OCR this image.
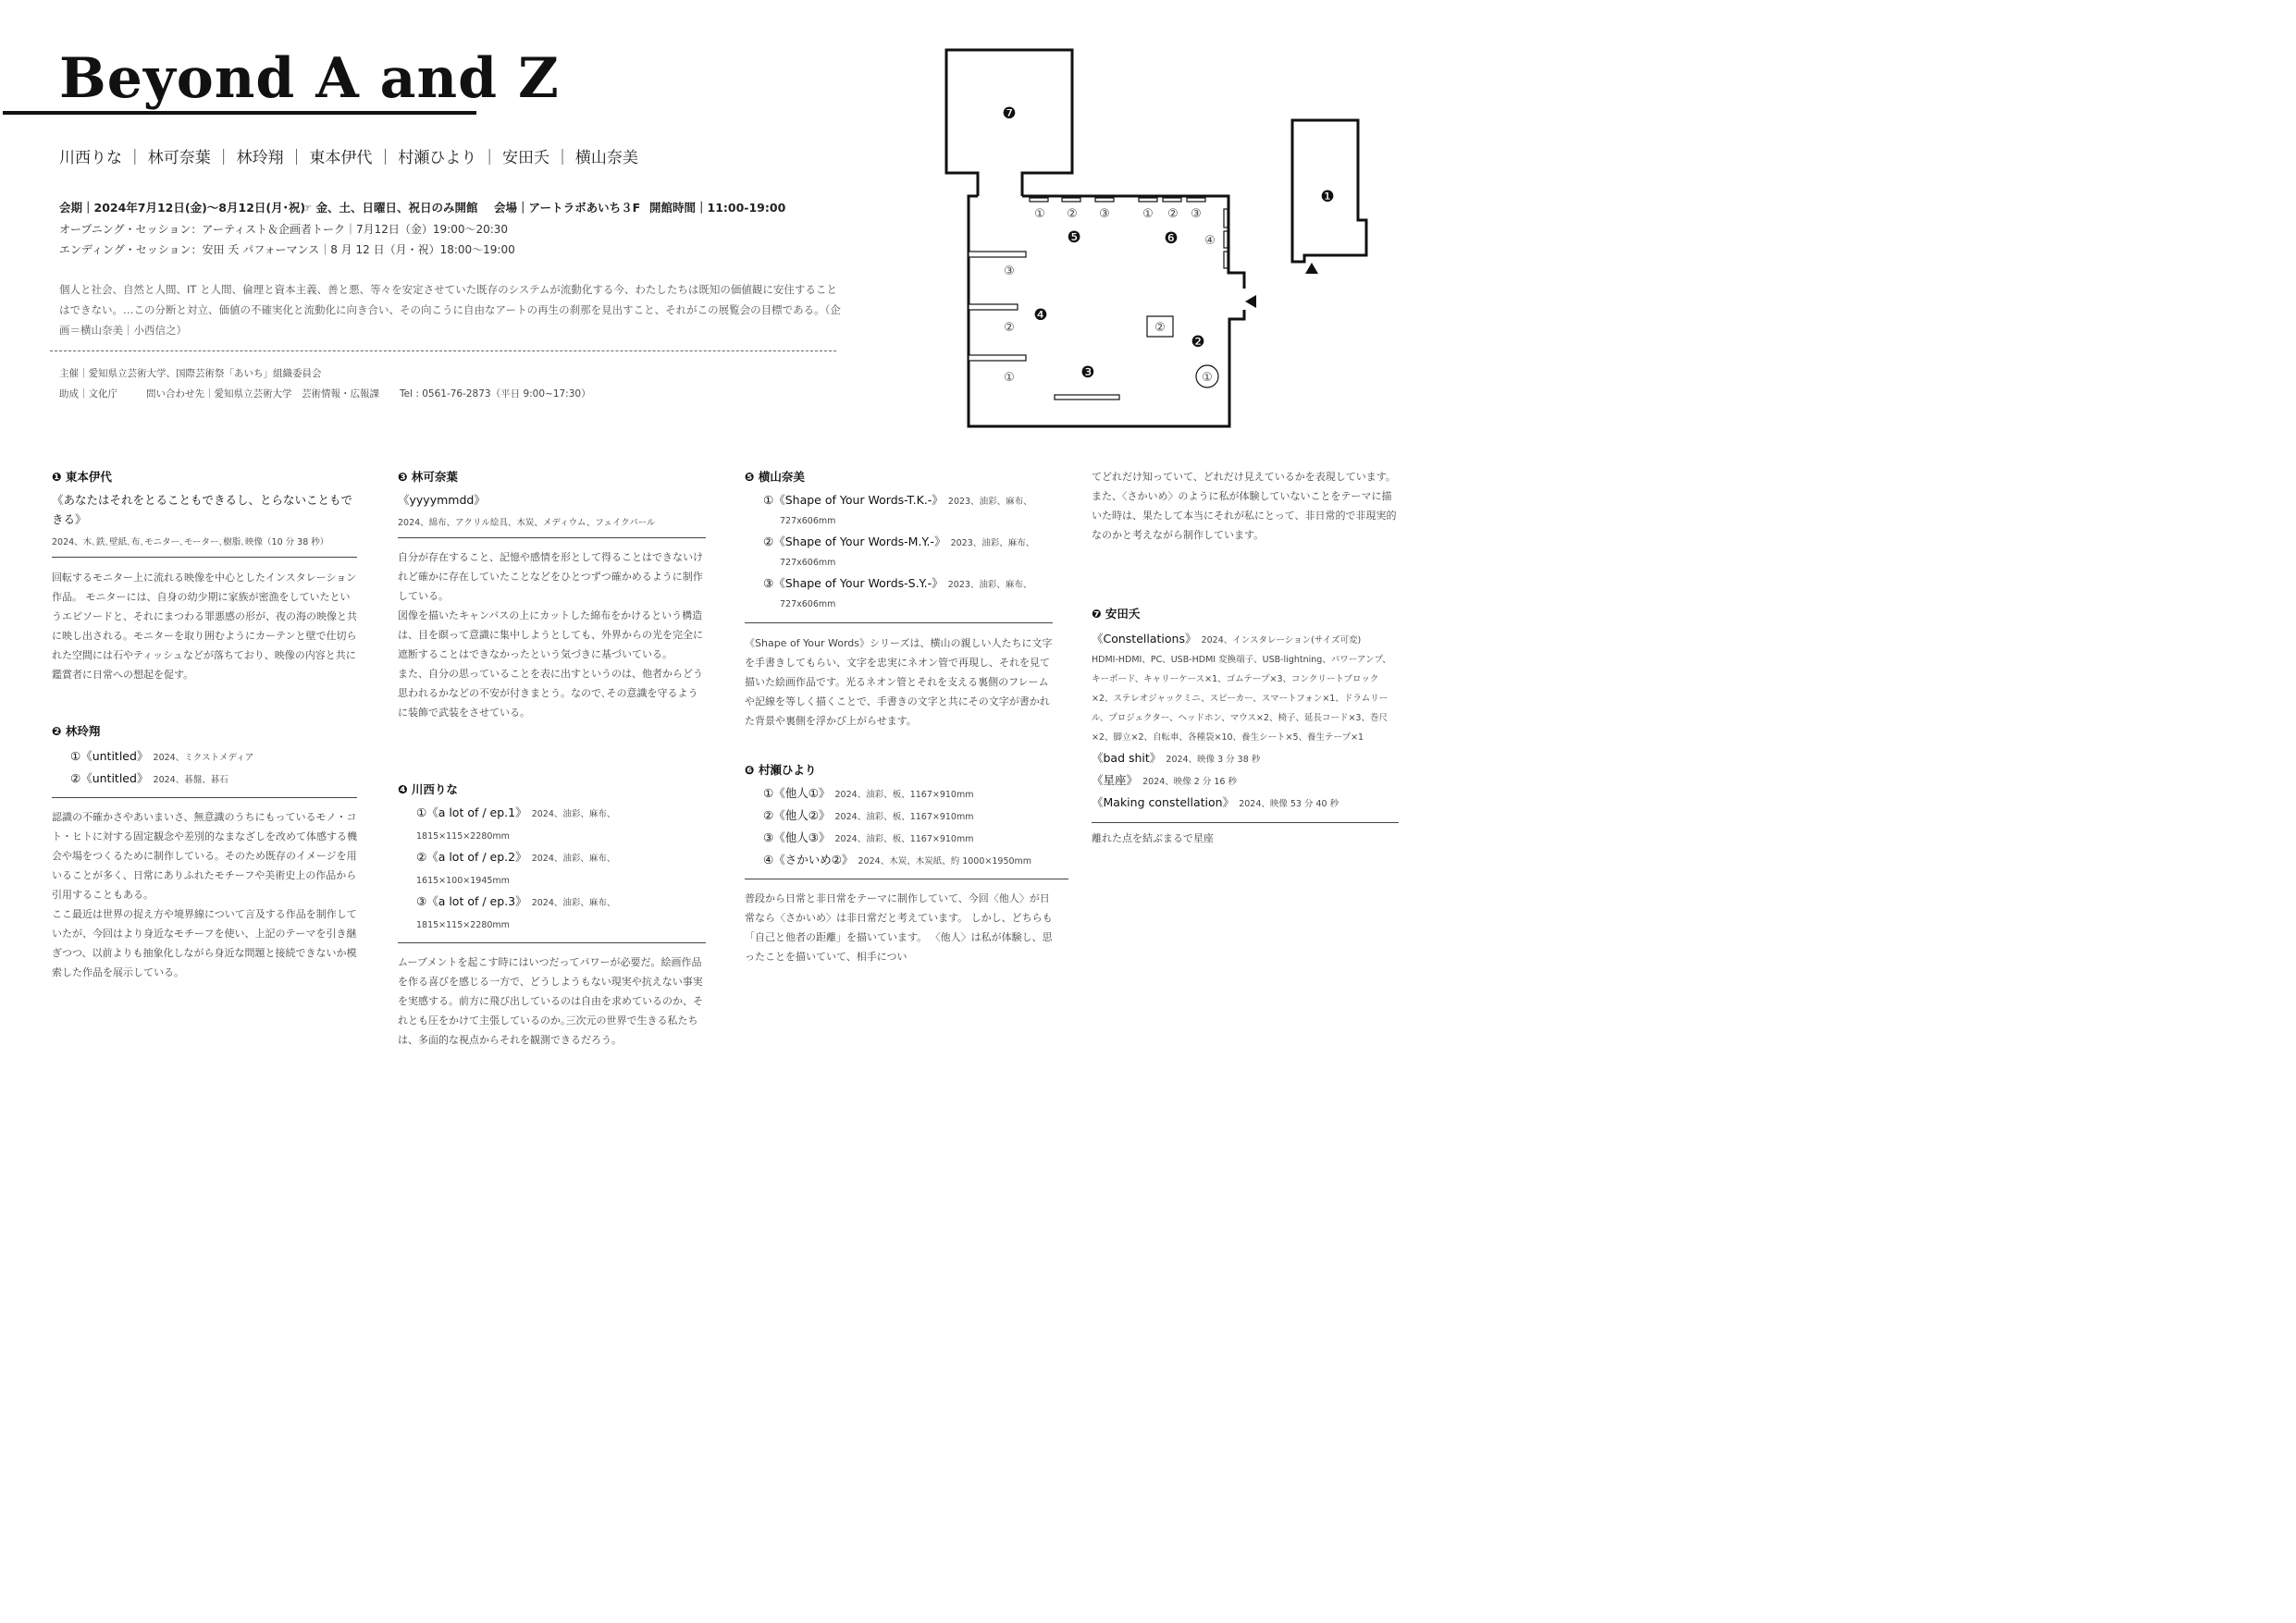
Beyond A and Z
川西りな ｜ 林可奈葉 ｜ 林玲翔 ｜ 東本伊代 ｜ 村瀬ひより ｜ 安田夭 ｜ 横山奈美
会期｜2024年7月12日(金)〜8月12日(月･祝)
☞ 金、土、日曜日、祝日のみ開館 会場｜アートラボあいち３F 開館時間｜11:00-19:00
オープニング・セッション：アーティスト＆企画者トーク｜7月12日（金）19:00〜20:30
エンディング・セッション：安田 夭 パフォーマンス｜8 月 12 日（月・祝）18:00〜19:00
個人と社会、自然と人間、IT と人間、倫理と資本主義、善と悪、等々を安定させていた既存のシステムが流動化する今、わたしたちは既知の価値観に安住することはできない。…この分断と対立、価値の不確実化と流動化に向き合い、その向こうに自由なアートの再生の刹那を見出すこと、それがこの展覧会の目標である。（企画＝横山奈美｜小西信之）
主催｜愛知県立芸術大学、国際芸術祭「あいち」組織委員会
助成｜文化庁	問い合わせ先｜愛知県立芸術大学　芸術情報・広報課 Tel : 0561-76-2873（平日 9:00~17:30）
❼
❶
❺	❻
❹
❷
❸
① ② ③	① ② ③
④
③
②
①
②
①
❶ 東本伊代
《あなたはそれをとることもできるし、とらないこともできる》
2024、木､鉄､壁紙､布､モニター､モーター､樹脂､映像（10 分 38 秒）
回転するモニター上に流れる映像を中心としたインスタレーション作品。 モニターには、自身の幼少期に家族が密漁をしていたというエピソードと、それにまつわる罪悪感の形が、夜の海の映像と共に映し出される。モニターを取り囲むようにカーテンと壁で仕切られた空間には石やティッシュなどが落ちており、映像の内容と共に鑑賞者に日常への想起を促す。
❷ 林玲翔
①《untitled》 2024、ミクストメディア
②《untitled》 2024、碁盤、碁石
認識の不確かさやあいまいさ、無意識のうちにもっているモノ・コト・ヒトに対する固定観念や差別的なまなざしを改めて体感する機会や場をつくるために制作している。そのため既存のイメージを用いることが多く、日常にありふれたモチーフや美術史上の作品から引用することもある。
ここ最近は世界の捉え方や境界線について言及する作品を制作していたが、今回はより身近なモチーフを使い、上記のテーマを引き継ぎつつ、以前よりも抽象化しながら身近な問題と接続できないか模索した作品を展示している。
❸ 林可奈葉
《yyyymmdd》
2024、綿布、アクリル絵具、木炭、メディウム、フェイクパール
自分が存在すること、記憶や感情を形として得ることはできないけれど確かに存在していたことなどをひとつずつ確かめるように制作している。
図像を描いたキャンバスの上にカットした綿布をかけるという構造は、目を瞑って意識に集中しようとしても、外界からの光を完全に遮断することはできなかったという気づきに基づいている。
また、自分の思っていることを表に出すというのは、他者からどう思われるかなどの不安が付きまとう。なので､その意識を守るように装飾で武装をさせている。
❹ 川西りな
①《a lot of / ep.1》 2024、油彩、麻布、1815×115×2280mm
②《a lot of / ep.2》 2024、油彩、麻布、1615×100×1945mm
③《a lot of / ep.3》 2024、油彩、麻布、1815×115×2280mm
ムーブメントを起こす時にはいつだってパワーが必要だ。絵画作品を作る喜びを感じる一方で、どうしようもない現実や抗えない事実を実感する。前方に飛び出しているのは自由を求めているのか、それとも圧をかけて主張しているのか｡三次元の世界で生きる私たちは、多面的な視点からそれを観測できるだろう。
❺ 横山奈美
①《Shape of Your Words-T.K.-》 2023、油彩、麻布、
727x606mm
②《Shape of Your Words-M.Y.-》 2023、油彩、麻布、
727x606mm
③《Shape of Your Words-S.Y.-》 2023、油彩、麻布、
727x606mm
《Shape of Your Words》シリーズは、横山の親しい人たちに文字を手書きしてもらい、文字を忠実にネオン管で再現し、それを見て描いた絵画作品です。光るネオン管とそれを支える裏側のフレームや記線を等しく描くことで、手書きの文字と共にその文字が書かれた背景や裏側を浮かび上がらせます。
❻ 村瀬ひより
①《他人①》 2024、油彩、板、1167×910mm
②《他人②》 2024、油彩、板、1167×910mm
③《他人③》 2024、油彩、板、1167×910mm
④《さかいめ②》 2024、木炭、木炭紙、約 1000×1950mm
普段から日常と非日常をテーマに制作していて、今回〈他人〉が日常なら〈さかいめ〉は非日常だと考えています。 しかし、どちらも「自己と他者の距離」を描いています。 〈他人〉は私が体験し、思ったことを描いていて、相手につい
てどれだけ知っていて、どれだけ見えているかを表現しています。 また、〈さかいめ〉のように私が体験していないことをテーマに描いた時は、果たして本当にそれが私にとって、非日常的で非現実的なのかと考えながら制作しています。
❼ 安田夭
《Constellations》 2024、インスタレーション(サイズ可変)
HDMI-HDMI、PC、USB-HDMI 変換端子、USB-lightning、パワーアンプ、キーボード、キャリーケース×1、ゴムテープ×3、コンクリートブロック×2、ステレオジャックミニ、スピーカー、スマートフォン×1、ドラムリール、プロジェクター、ヘッドホン、マウス×2、椅子、延長コード×3、巻尺×2、脚立×2、自転車、各種袋×10、養生シート×5、養生テープ×1
《bad shit》 2024、映像 3 分 38 秒
《星座》 2024、映像 2 分 16 秒
《Making constellation》 2024、映像 53 分 40 秒
離れた点を結ぶまるで星座
